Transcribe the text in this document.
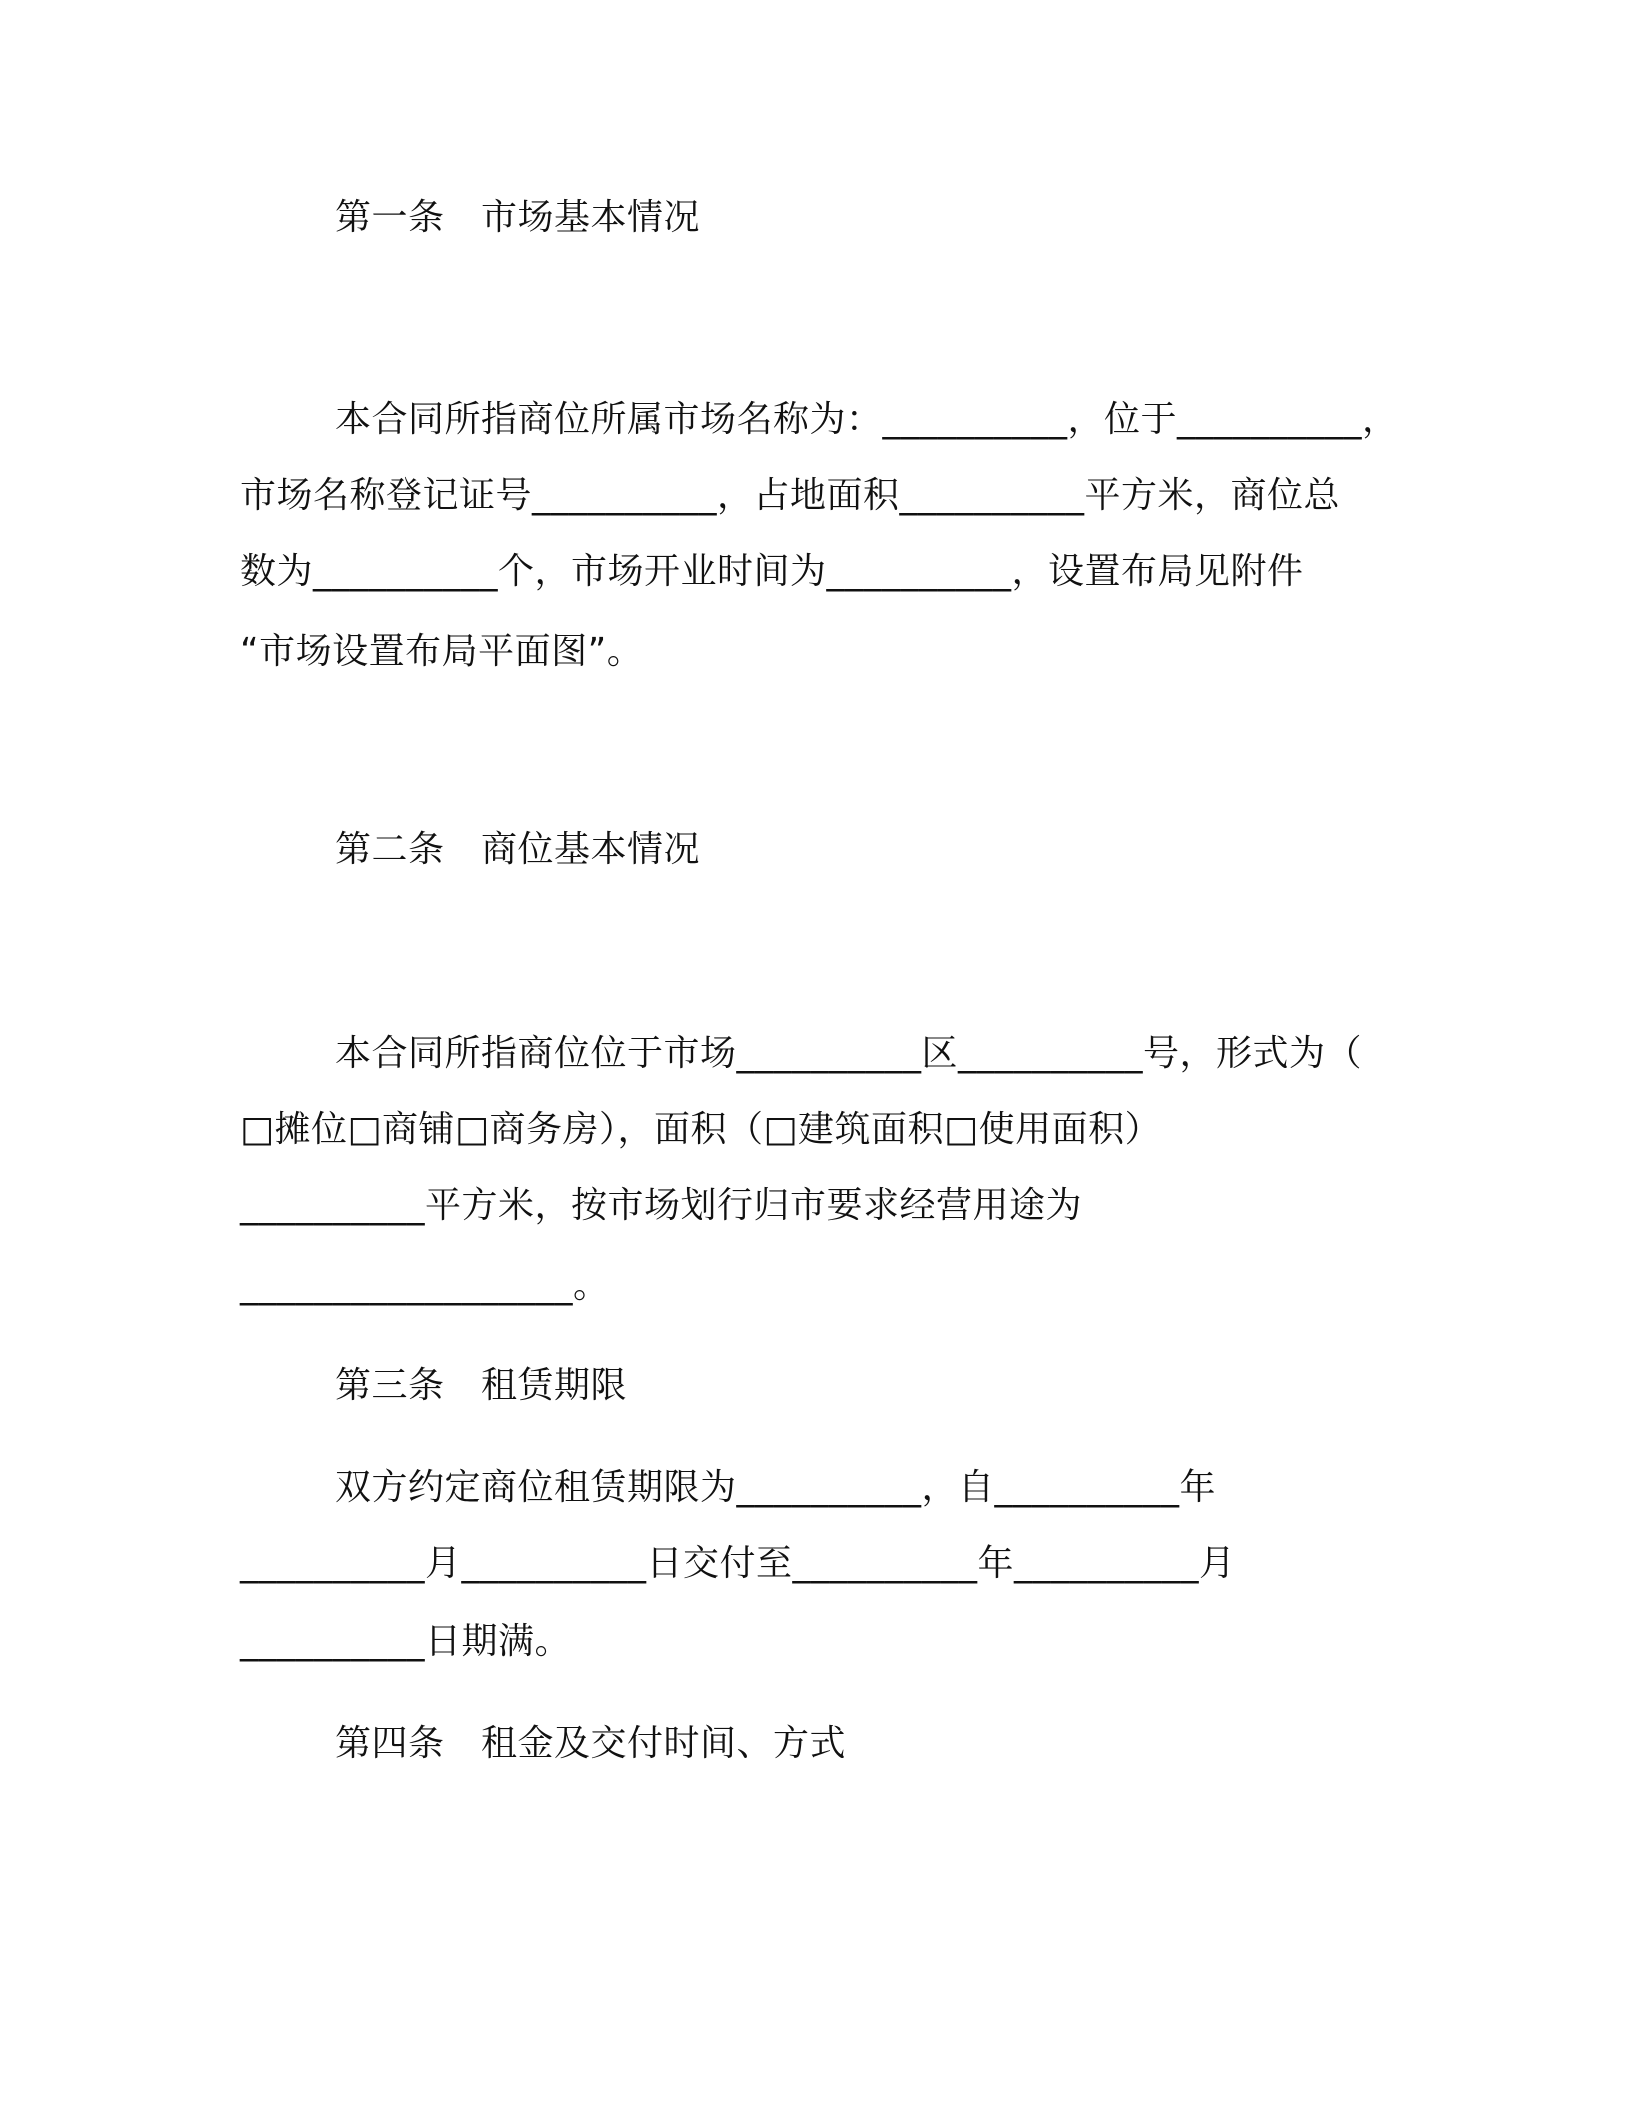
第一条　市场基本情况
本合同所指商位所属市场名称为：__________，位于__________，
市场名称登记证号__________，占地面积__________平方米，商位总
数为__________个，市场开业时间为__________，设置布局见附件
“市场设置布局平面图”。
第二条　商位基本情况
本合同所指商位位于市场__________区__________号，形式为（
□摊位□商铺□商务房），面积（□建筑面积□使用面积）
__________平方米，按市场划行归市要求经营用途为
__________________。
第三条　租赁期限
双方约定商位租赁期限为__________，自__________年
__________月__________日交付至__________年__________月
__________日期满。
第四条　租金及交付时间、方式
